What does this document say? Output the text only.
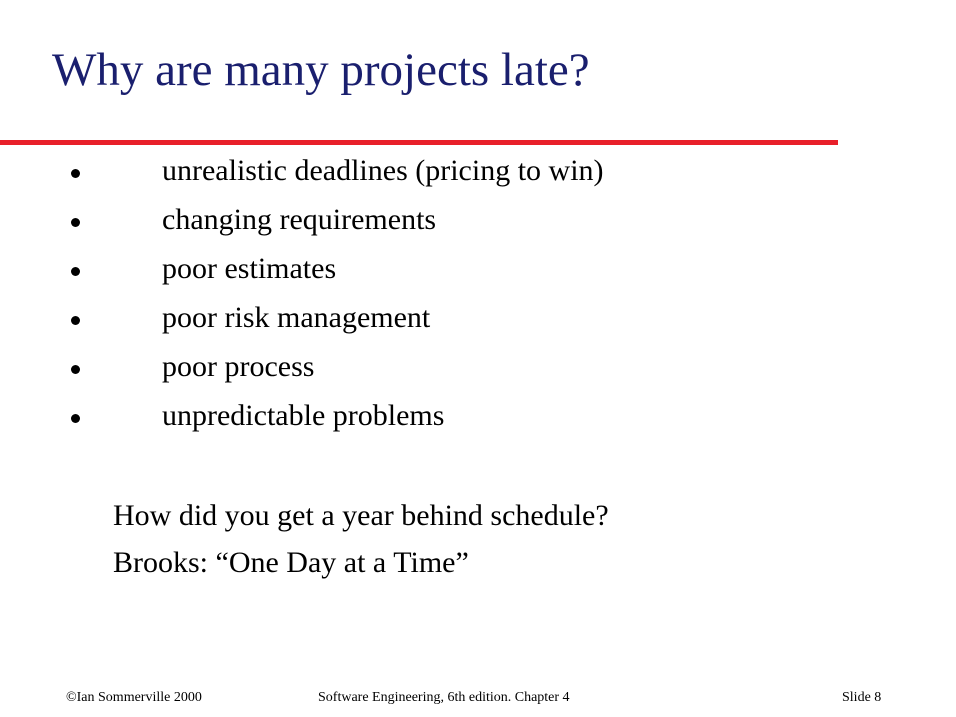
Why are many projects late?
unrealistic deadlines (pricing to win)
changing requirements
poor estimates
poor risk management
poor process
unpredictable problems
How did you get a year behind schedule?
Brooks: “One Day at a Time”
©Ian Sommerville 2000	Software Engineering, 6th edition. Chapter 4	Slide 8
